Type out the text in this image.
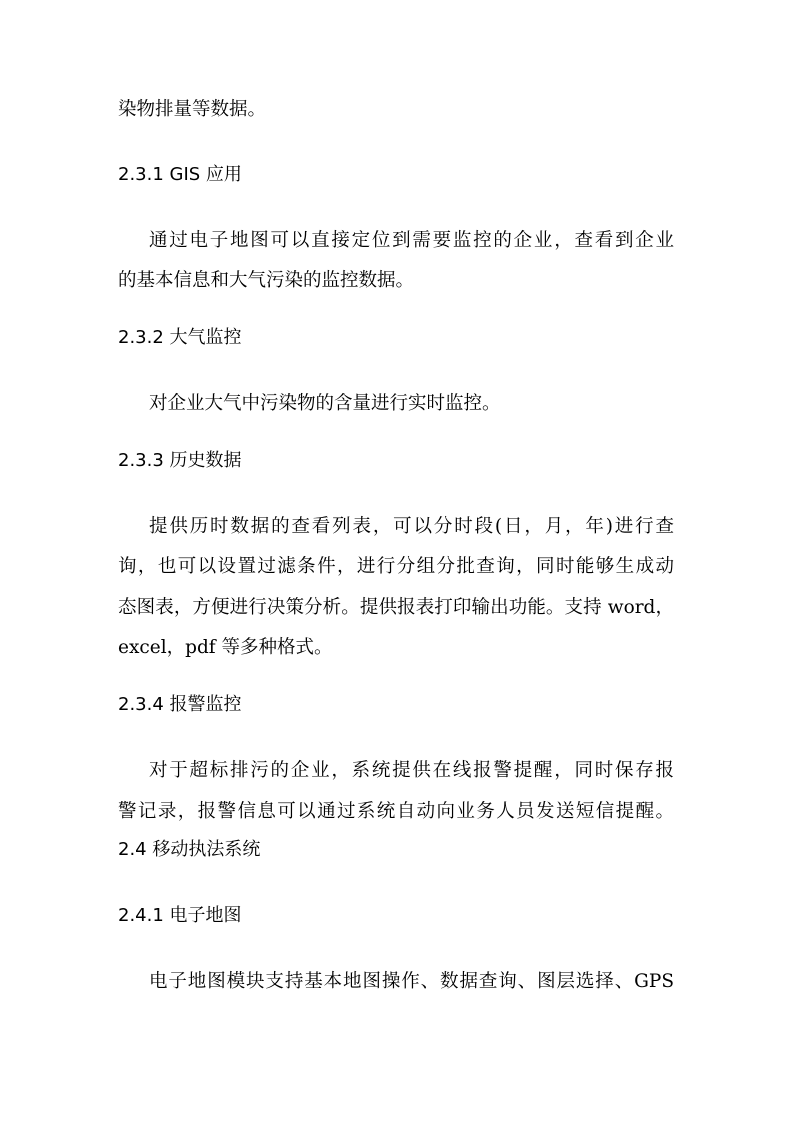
染物排量等数据。
2.3.1 GIS 应用
通过电子地图可以直接定位到需要监控的企业，查看到企业
的基本信息和大气污染的监控数据。
2.3.2 大气监控
对企业大气中污染物的含量进行实时监控。
2.3.3 历史数据
提供历时数据的查看列表，可以分时段(日，月，年)进行查
询，也可以设置过滤条件，进行分组分批查询，同时能够生成动
态图表，方便进行决策分析。提供报表打印输出功能。支持 word，
excel，pdf 等多种格式。
2.3.4 报警监控
对于超标排污的企业，系统提供在线报警提醒，同时保存报
警记录，报警信息可以通过系统自动向业务人员发送短信提醒。
2.4 移动执法系统
2.4.1 电子地图
电子地图模块支持基本地图操作、数据查询、图层选择、GPS
